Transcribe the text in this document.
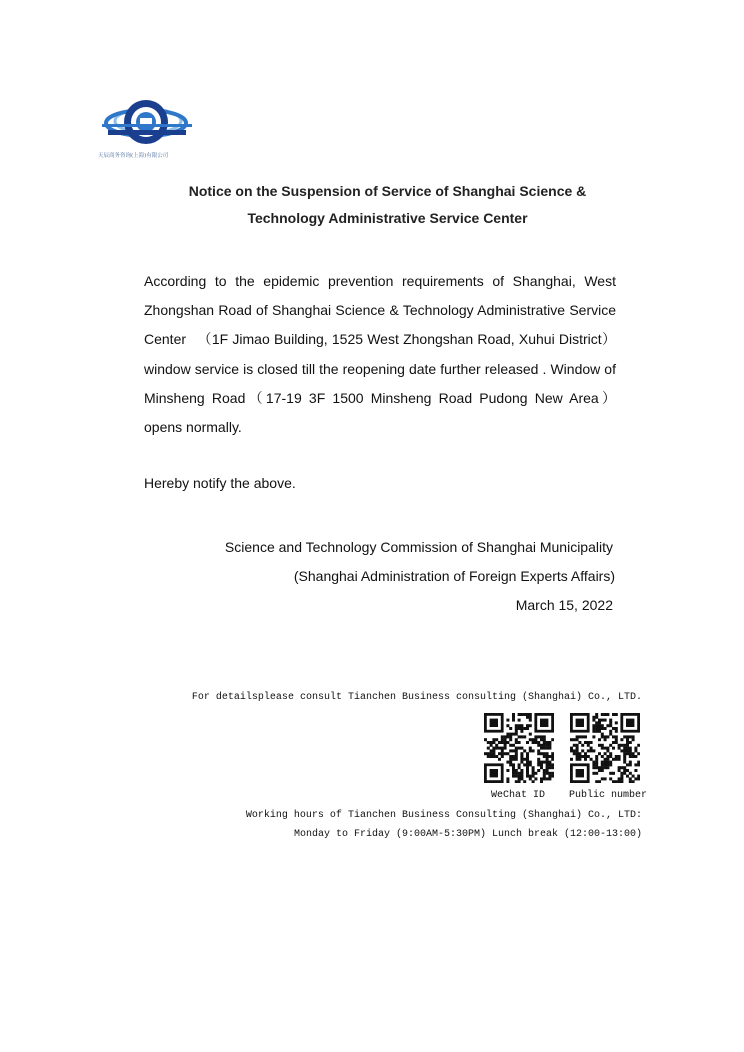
天辰商务咨询(上海)有限公司
Notice on the Suspension of Service of Shanghai Science &
Technology Administrative Service Center
According to the epidemic prevention requirements of Shanghai, West Zhongshan Road of Shanghai Science & Technology Administrative Service Center 　（1F Jimao Building, 1525 West Zhongshan Road, Xuhui District） window service is closed till the reopening date further released . Window of Minsheng Road（17-19 3F 1500 Minsheng Road Pudong New Area）opens normally.
Hereby notify the above.
Science and Technology Commission of Shanghai Municipality
(Shanghai Administration of Foreign Experts Affairs)
March 15, 2022
For detailsplease consult Tianchen Business consulting (Shanghai) Co., LTD.
WeChat ID Public number
Working hours of Tianchen Business Consulting (Shanghai) Co., LTD:
Monday to Friday (9:00AM-5:30PM) Lunch break (12:00-13:00)
